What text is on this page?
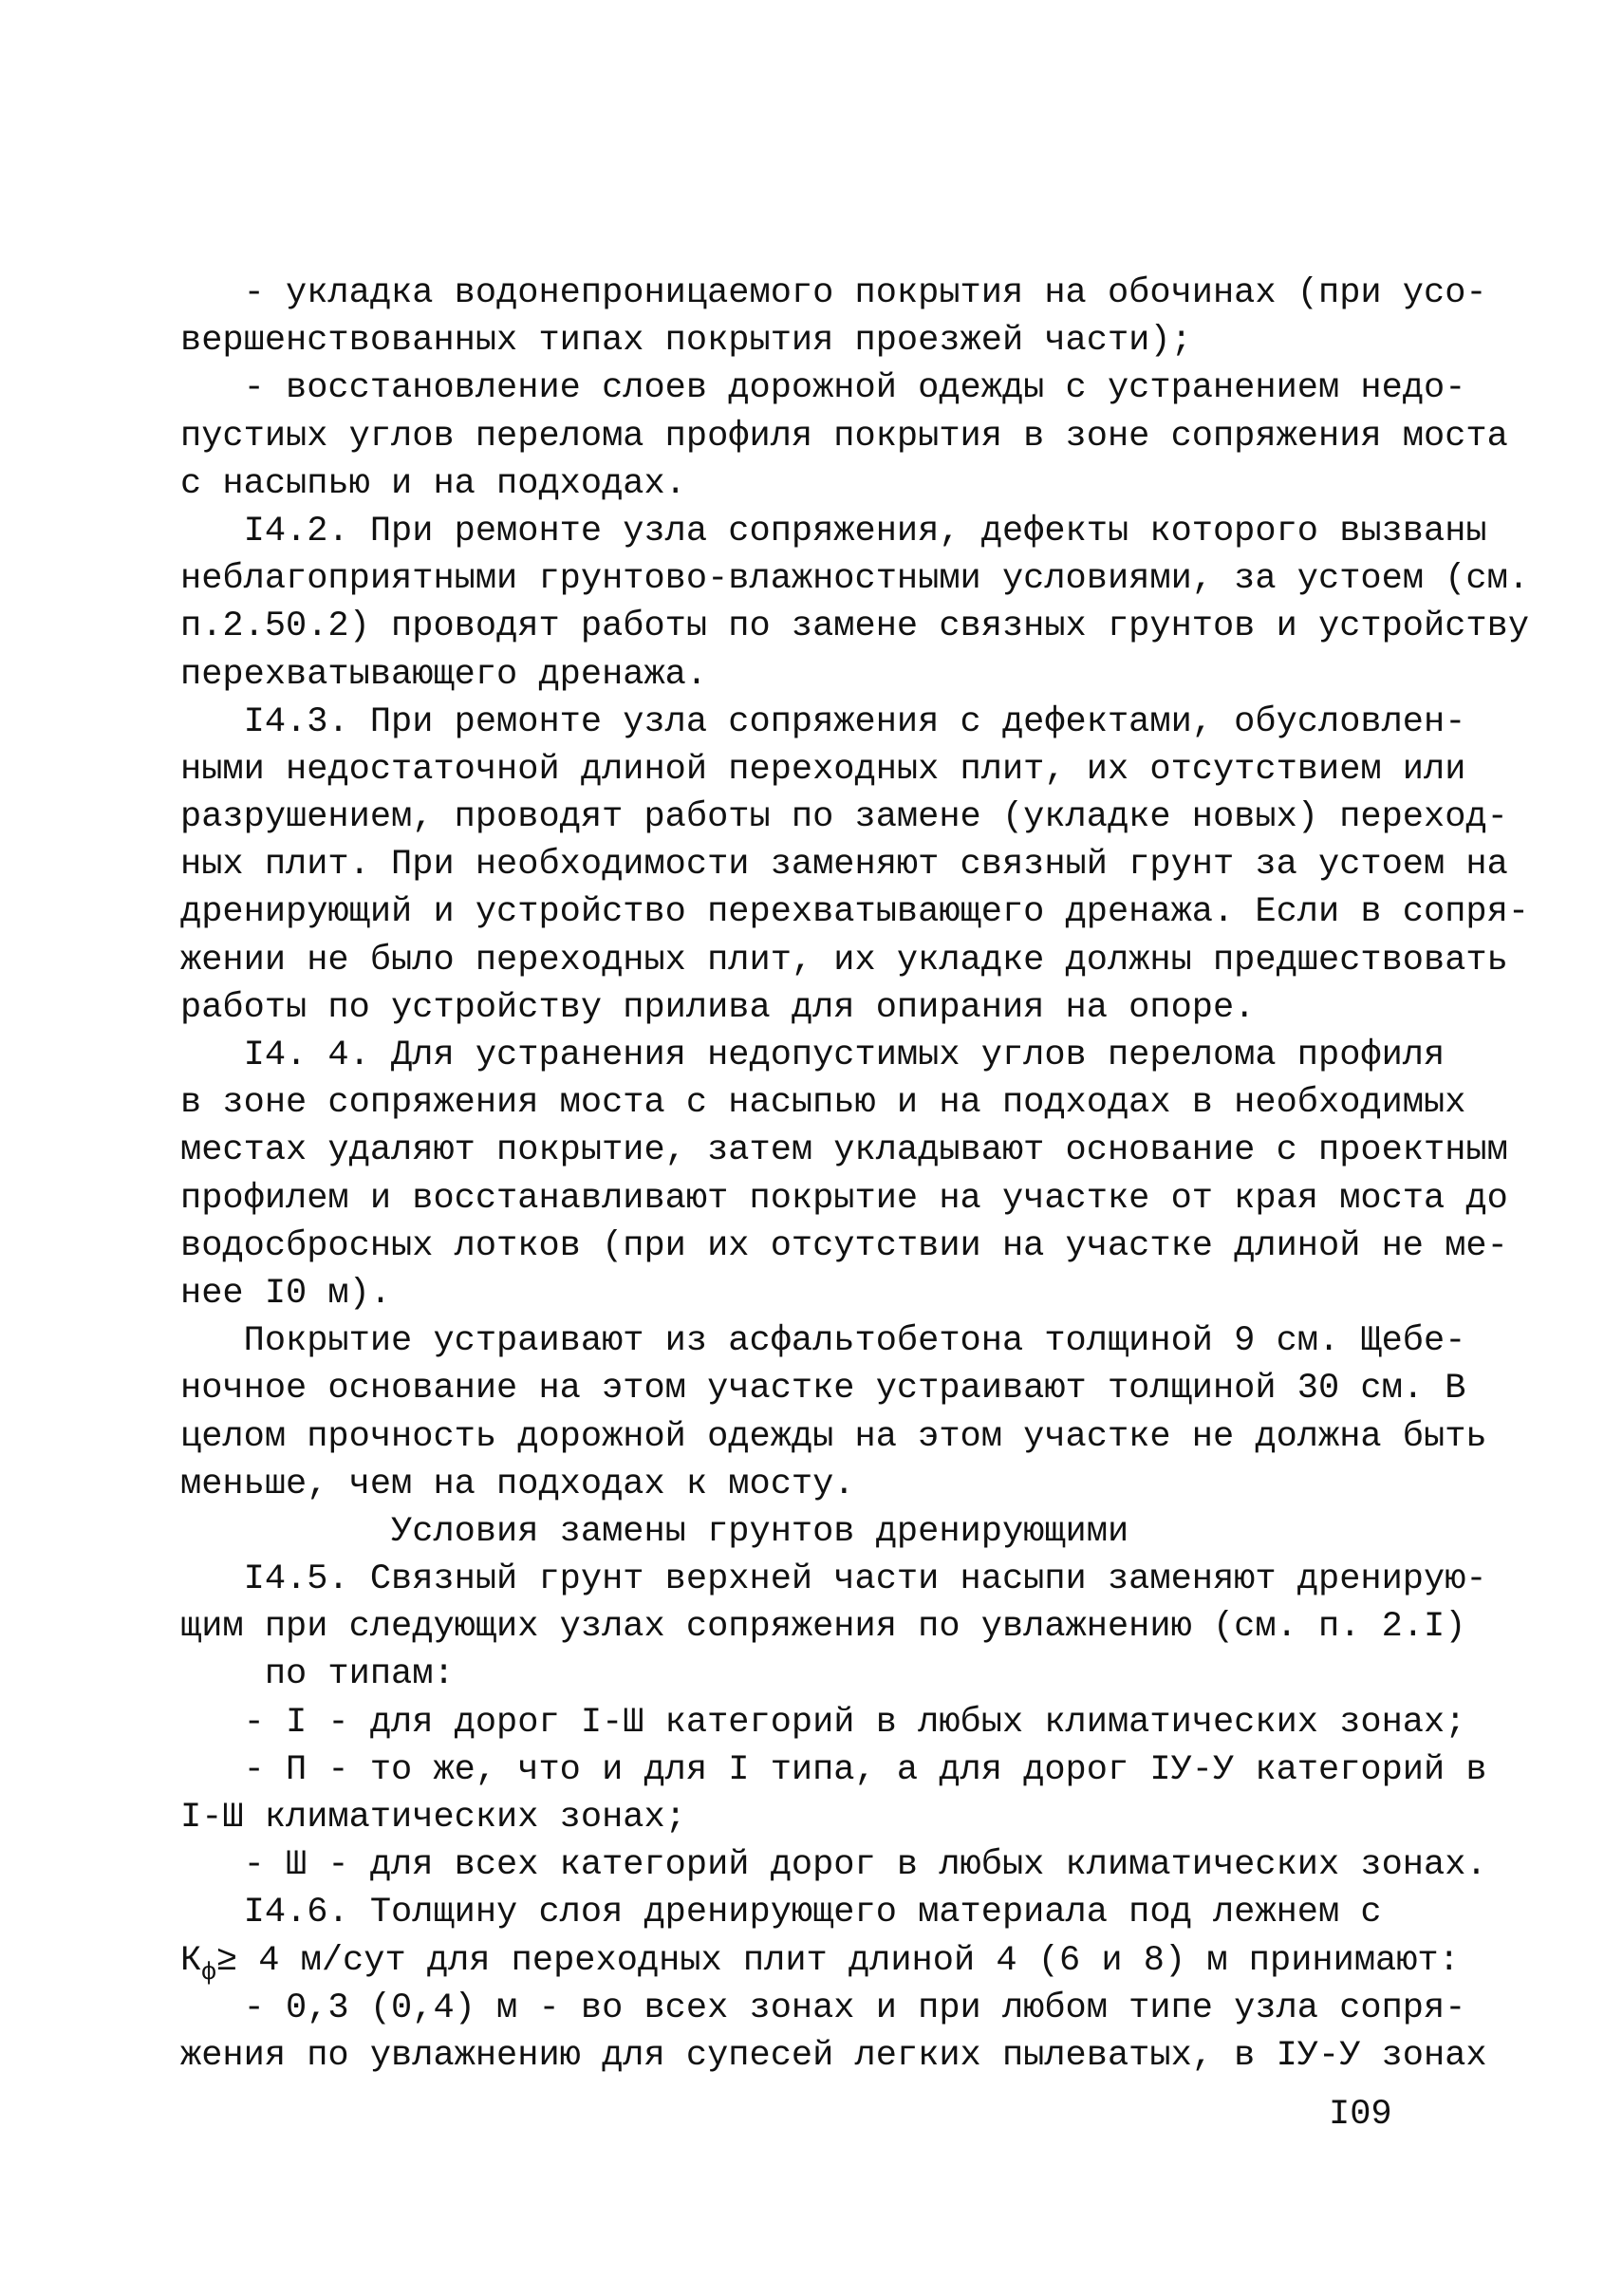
- укладка водонепроницаемого покрытия на обочинах (при усо-
вершенствованных типах покрытия проезжей части);
- восстановление слоев дорожной одежды с устранением недо-
пустиых углов перелома профиля покрытия в зоне сопряжения моста
с насыпью и на подходах.
I4.2. При ремонте узла сопряжения, дефекты которого вызваны
неблагоприятными грунтово-влажностными условиями, за устоем (см.
п.2.50.2) проводят работы по замене связных грунтов и устройству
перехватывающего дренажа.
I4.3. При ремонте узла сопряжения с дефектами, обусловлен-
ными недостаточной длиной переходных плит, их отсутствием или
разрушением, проводят работы по замене (укладке новых) переход-
ных плит. При необходимости заменяют связный грунт за устоем на
дренирующий и устройство перехватывающего дренажа. Если в сопря-
жении не было переходных плит, их укладке должны предшествовать
работы по устройству прилива для опирания на опоре.
I4. 4. Для устранения недопустимых углов перелома профиля
в зоне сопряжения моста с насыпью и на подходах в необходимых
местах удаляют покрытие, затем укладывают основание с проектным
профилем и восстанавливают покрытие на участке от края моста до
водосбросных лотков (при их отсутствии на участке длиной не ме-
нее I0 м).
Покрытие устраивают из асфальтобетона толщиной 9 см. Щебе-
ночное основание на этом участке устраивают толщиной 30 см. В
целом прочность дорожной одежды на этом участке не должна быть
меньше, чем на подходах к мосту.
Условия замены грунтов дренирующими
I4.5. Связный грунт верхней части насыпи заменяют дренирую-
щим при следующих узлах сопряжения по увлажнению (см. п. 2.I)
по типам:
- I - для дорог I-Ш категорий в любых климатических зонах;
- П - то же, что и для I типа, а для дорог IУ-У категорий в
I-Ш климатических зонах;
- Ш - для всех категорий дорог в любых климатических зонах.
I4.6. Толщину слоя дренирующего материала под лежнем с
$К_ф\ge 4$ м/сут для переходных плит длиной 4 (6 и 8) м принимают:
- 0,3 (0,4) м - во всех зонах и при любом типе узла сопря-
жения по увлажнению для супесей легких пылеватых, в IУ-У зонах
I09
